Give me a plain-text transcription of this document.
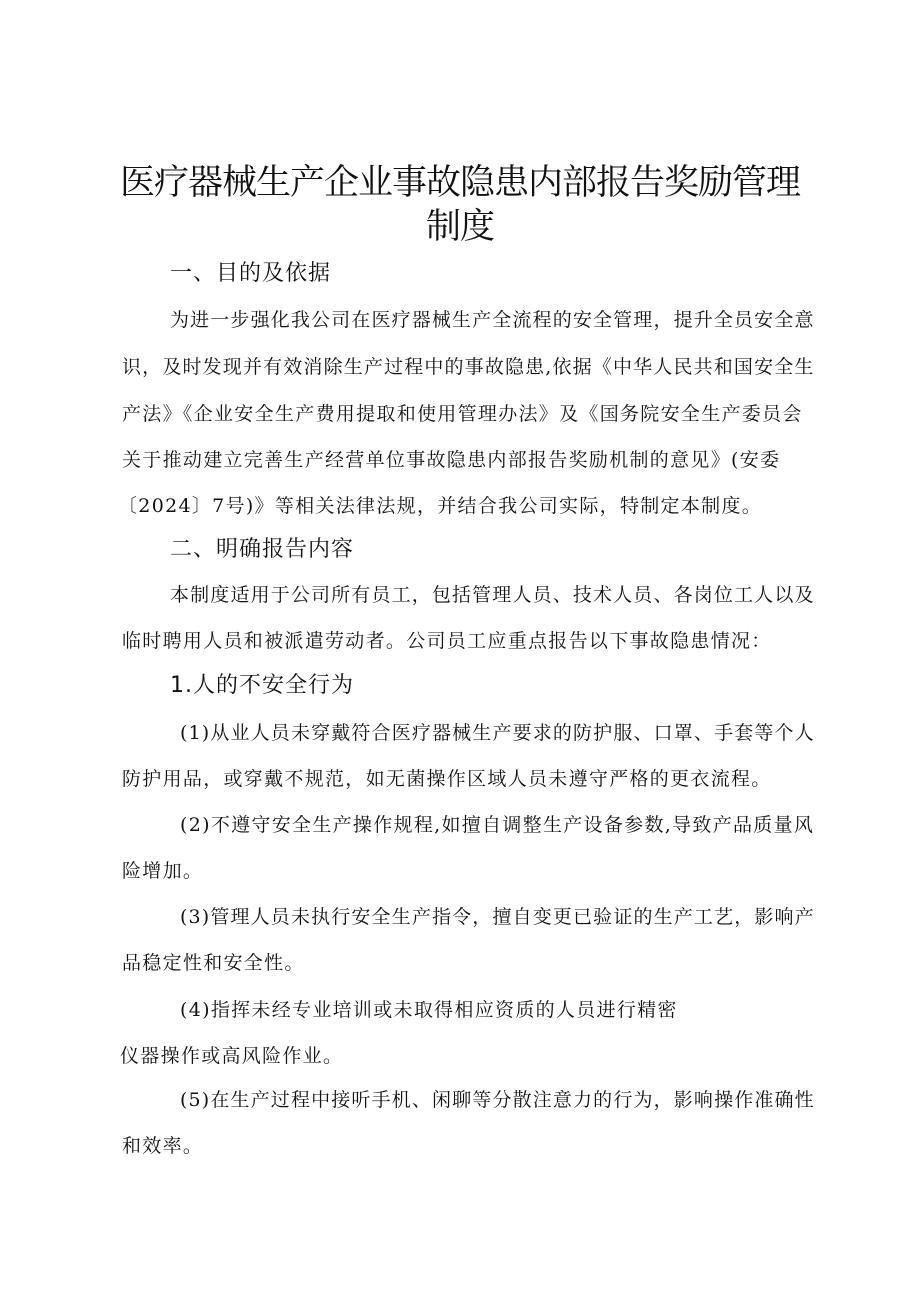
医疗器械生产企业事故隐患内部报告奖励管理
制度
一、目的及依据

为进一步强化我公司在医疗器械生产全流程的安全管理，提升全员安全意

识，及时发现并有效消除生产过程中的事故隐患,依据《中华人民共和国安全生

产法》《企业安全生产费用提取和使用管理办法》及《国务院安全生产委员会

关于推动建立完善生产经营单位事故隐患内部报告奖励机制的意见》(安委

〔2024〕7号)》等相关法律法规，并结合我公司实际，特制定本制度。

二、明确报告内容

本制度适用于公司所有员工，包括管理人员、技术人员、各岗位工人以及

临时聘用人员和被派遣劳动者。公司员工应重点报告以下事故隐患情况：

1.人的不安全行为

(1)从业人员未穿戴符合医疗器械生产要求的防护服、口罩、手套等个人

防护用品，或穿戴不规范，如无菌操作区域人员未遵守严格的更衣流程。

(2)不遵守安全生产操作规程,如擅自调整生产设备参数,导致产品质量风

险增加。

(3)管理人员未执行安全生产指令，擅自变更已验证的生产工艺，影响产

品稳定性和安全性。

(4)指挥未经专业培训或未取得相应资质的人员进行精密

仪器操作或高风险作业。

(5)在生产过程中接听手机、闲聊等分散注意力的行为，影响操作准确性

和效率。
